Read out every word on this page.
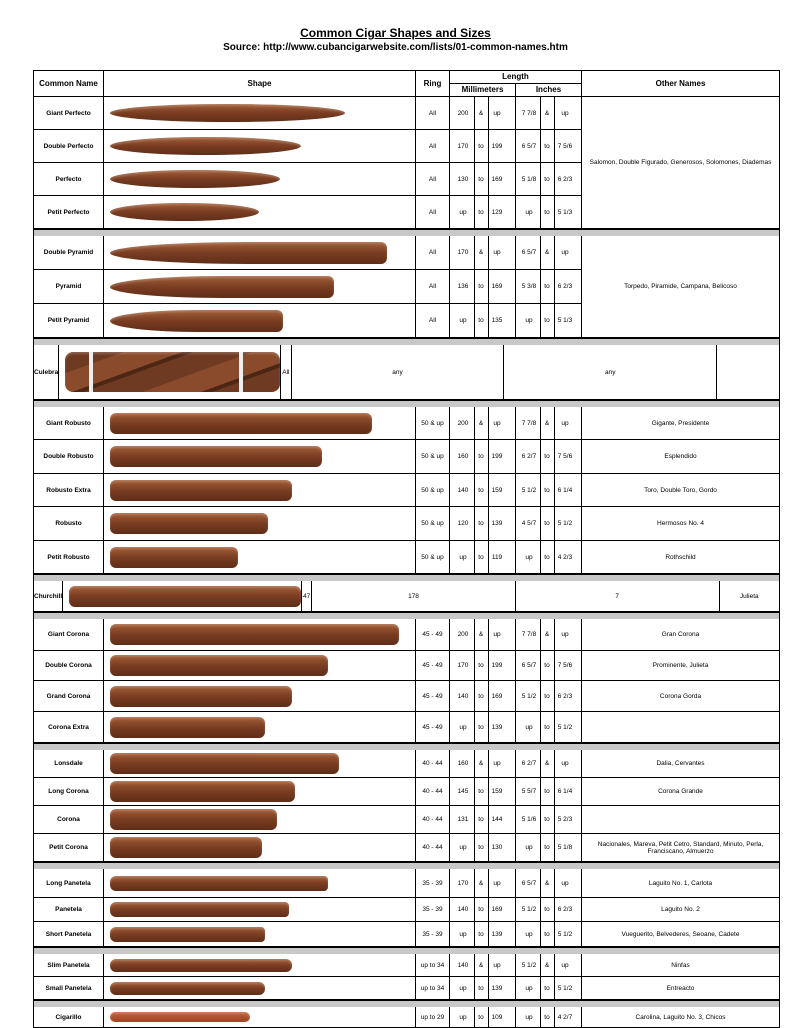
Common Cigar Shapes and Sizes
Source: http://www.cubancigarwebsite.com/lists/01-common-names.htm
Common Name	Shape	Ring
Length
Millimeters	Inches
Other Names
Giant Perfecto	All	200	&	up	7 7/8	&	up
Double Perfecto	All	170	to	199	6 5/7	to	7 5/6
Perfecto	All	130	to	169	5 1/8	to	6 2/3
Petit Perfecto	All	up	to	129	up	to	5 1/3
Salomon, Double Figurado, Generosos, Solomones, Diademas
Double Pyramid	All	170	&	up	6 5/7	&	up
Pyramid	All	136	to	169	5 3/8	to	6 2/3
Petit Pyramid	All	up	to	135	up	to	5 1/3
Torpedo, Piramide, Campana, Belicoso
Culebra	All	any	any
Giant Robusto	50 & up	200	&	up	7 7/8	&	up	Gigante, Presidente
Double Robusto	50 & up	160	to	199	6 2/7	to	7 5/6	Esplendido
Robusto Extra	50 & up	140	to	159	5 1/2	to	6 1/4	Toro, Double Toro, Gordo
Robusto	50 & up	120	to	139	4 5/7	to	5 1/2	Hermosos No. 4
Petit Robusto	50 & up	up	to	119	up	to	4 2/3	Rothschild
Churchill	47	178	7	Julieta
Giant Corona	45 - 49	200	&	up	7 7/8	&	up	Gran Corona
Double Corona	45 - 49	170	to	199	6 5/7	to	7 5/6	Prominente, Julieta
Grand Corona	45 - 49	140	to	169	5 1/2	to	6 2/3	Corona Gorda
Corona Extra	45 - 49	up	to	139	up	to	5 1/2
Lonsdale	40 - 44	160	&	up	6 2/7	&	up	Dalia, Cervantes
Long Corona	40 - 44	145	to	159	5 5/7	to	6 1/4	Corona Grande
Corona	40 - 44	131	to	144	5 1/6	to	5 2/3
Petit Corona	40 - 44	up	to	130	up	to	5 1/8	Nacionales, Mareva, Petit Cetro, Standard, Minuto, Perla, Franciscano, Almuerzo
Long Panetela	35 - 39	170	&	up	6 5/7	&	up	Laguito No. 1, Carlota
Panetela	35 - 39	140	to	169	5 1/2	to	6 2/3	Laguito No. 2
Short Panetela	35 - 39	up	to	139	up	to	5 1/2	Vueguerito, Belvederes, Seoane, Cadete
Slim Panetela	up to 34	140	&	up	5 1/2	&	up	Ninfas
Small Panetela	up to 34	up	to	139	up	to	5 1/2	Entreacto
Cigarillo	up to 29	up	to	109	up	to	4 2/7	Carolina, Laguito No. 3, Chicos
